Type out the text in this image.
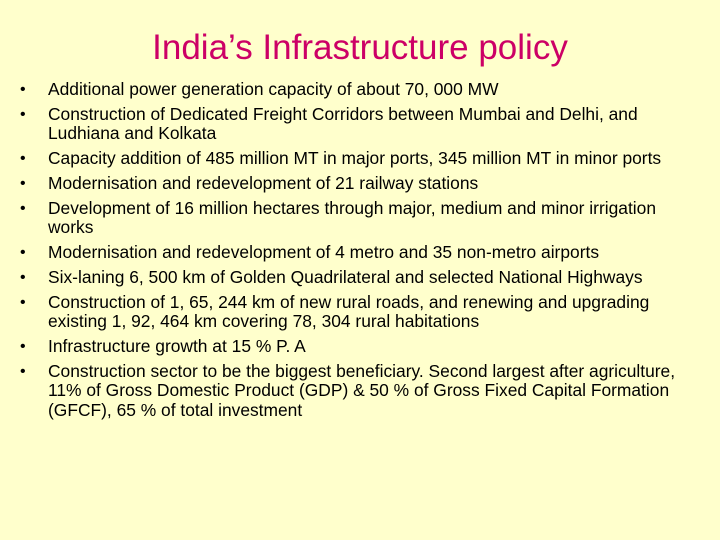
India’s Infrastructure policy
• Additional power generation capacity of about 70, 000 MW
• Construction of Dedicated Freight Corridors between Mumbai and Delhi, and Ludhiana and Kolkata
• Capacity addition of 485 million MT in major ports, 345 million MT in minor ports
• Modernisation and redevelopment of 21 railway stations
• Development of 16 million hectares through major, medium and minor irrigation works
• Modernisation and redevelopment of 4 metro and 35 non-metro airports
• Six-laning 6, 500 km of Golden Quadrilateral and selected National Highways
• Construction of 1, 65, 244 km of new rural roads, and renewing and upgrading existing 1, 92, 464 km covering 78, 304 rural habitations
• Infrastructure growth at 15 % P. A
• Construction sector to be the biggest beneficiary. Second largest after agriculture, 11% of Gross Domestic Product (GDP) & 50 % of Gross Fixed Capital Formation (GFCF), 65 % of total investment
